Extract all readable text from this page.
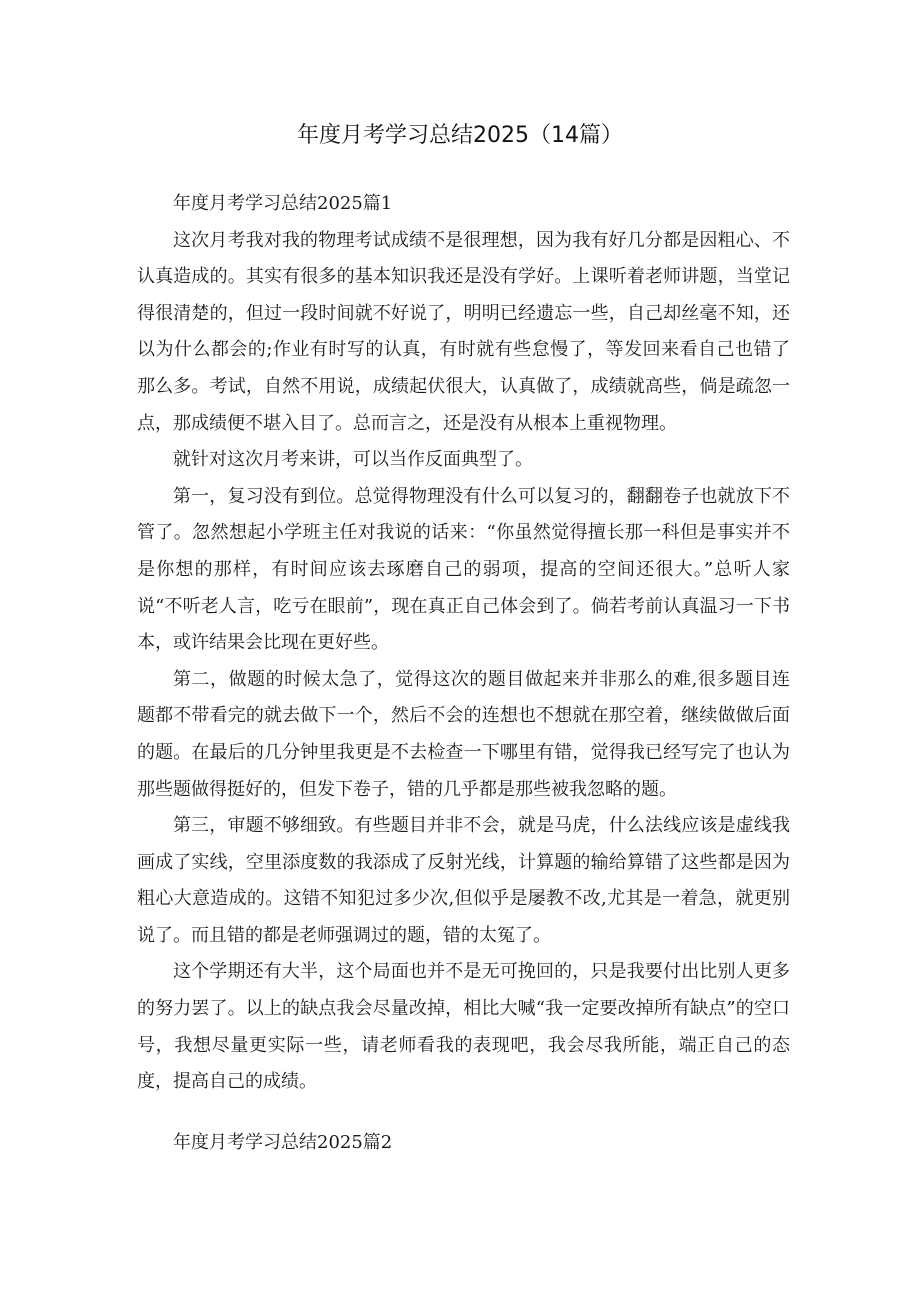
年度月考学习总结2025（14篇）

年度月考学习总结2025篇1

这次月考我对我的物理考试成绩不是很理想，因为我有好几分都是因粗心、不认真造成的。其实有很多的基本知识我还是没有学好。上课听着老师讲题，当堂记得很清楚的，但过一段时间就不好说了，明明已经遗忘一些，自己却丝毫不知，还以为什么都会的;作业有时写的认真，有时就有些怠慢了，等发回来看自己也错了那么多。考试，自然不用说，成绩起伏很大，认真做了，成绩就高些，倘是疏忽一点，那成绩便不堪入目了。总而言之，还是没有从根本上重视物理。

就针对这次月考来讲，可以当作反面典型了。

第一，复习没有到位。总觉得物理没有什么可以复习的，翻翻卷子也就放下不管了。忽然想起小学班主任对我说的话来：“你虽然觉得擅长那一科但是事实并不是你想的那样，有时间应该去琢磨自己的弱项，提高的空间还很大。”总听人家说“不听老人言，吃亏在眼前”，现在真正自己体会到了。倘若考前认真温习一下书本，或许结果会比现在更好些。

第二，做题的时候太急了，觉得这次的题目做起来并非那么的难,很多题目连题都不带看完的就去做下一个，然后不会的连想也不想就在那空着，继续做做后面的题。在最后的几分钟里我更是不去检查一下哪里有错，觉得我已经写完了也认为那些题做得挺好的，但发下卷子，错的几乎都是那些被我忽略的题。

第三，审题不够细致。有些题目并非不会，就是马虎，什么法线应该是虚线我画成了实线，空里添度数的我添成了反射光线，计算题的输给算错了这些都是因为粗心大意造成的。这错不知犯过多少次,但似乎是屡教不改,尤其是一着急，就更别说了。而且错的都是老师强调过的题，错的太冤了。

这个学期还有大半，这个局面也并不是无可挽回的，只是我要付出比别人更多的努力罢了。以上的缺点我会尽量改掉，相比大喊“我一定要改掉所有缺点”的空口号，我想尽量更实际一些，请老师看我的表现吧，我会尽我所能，端正自己的态度，提高自己的成绩。

年度月考学习总结2025篇2
